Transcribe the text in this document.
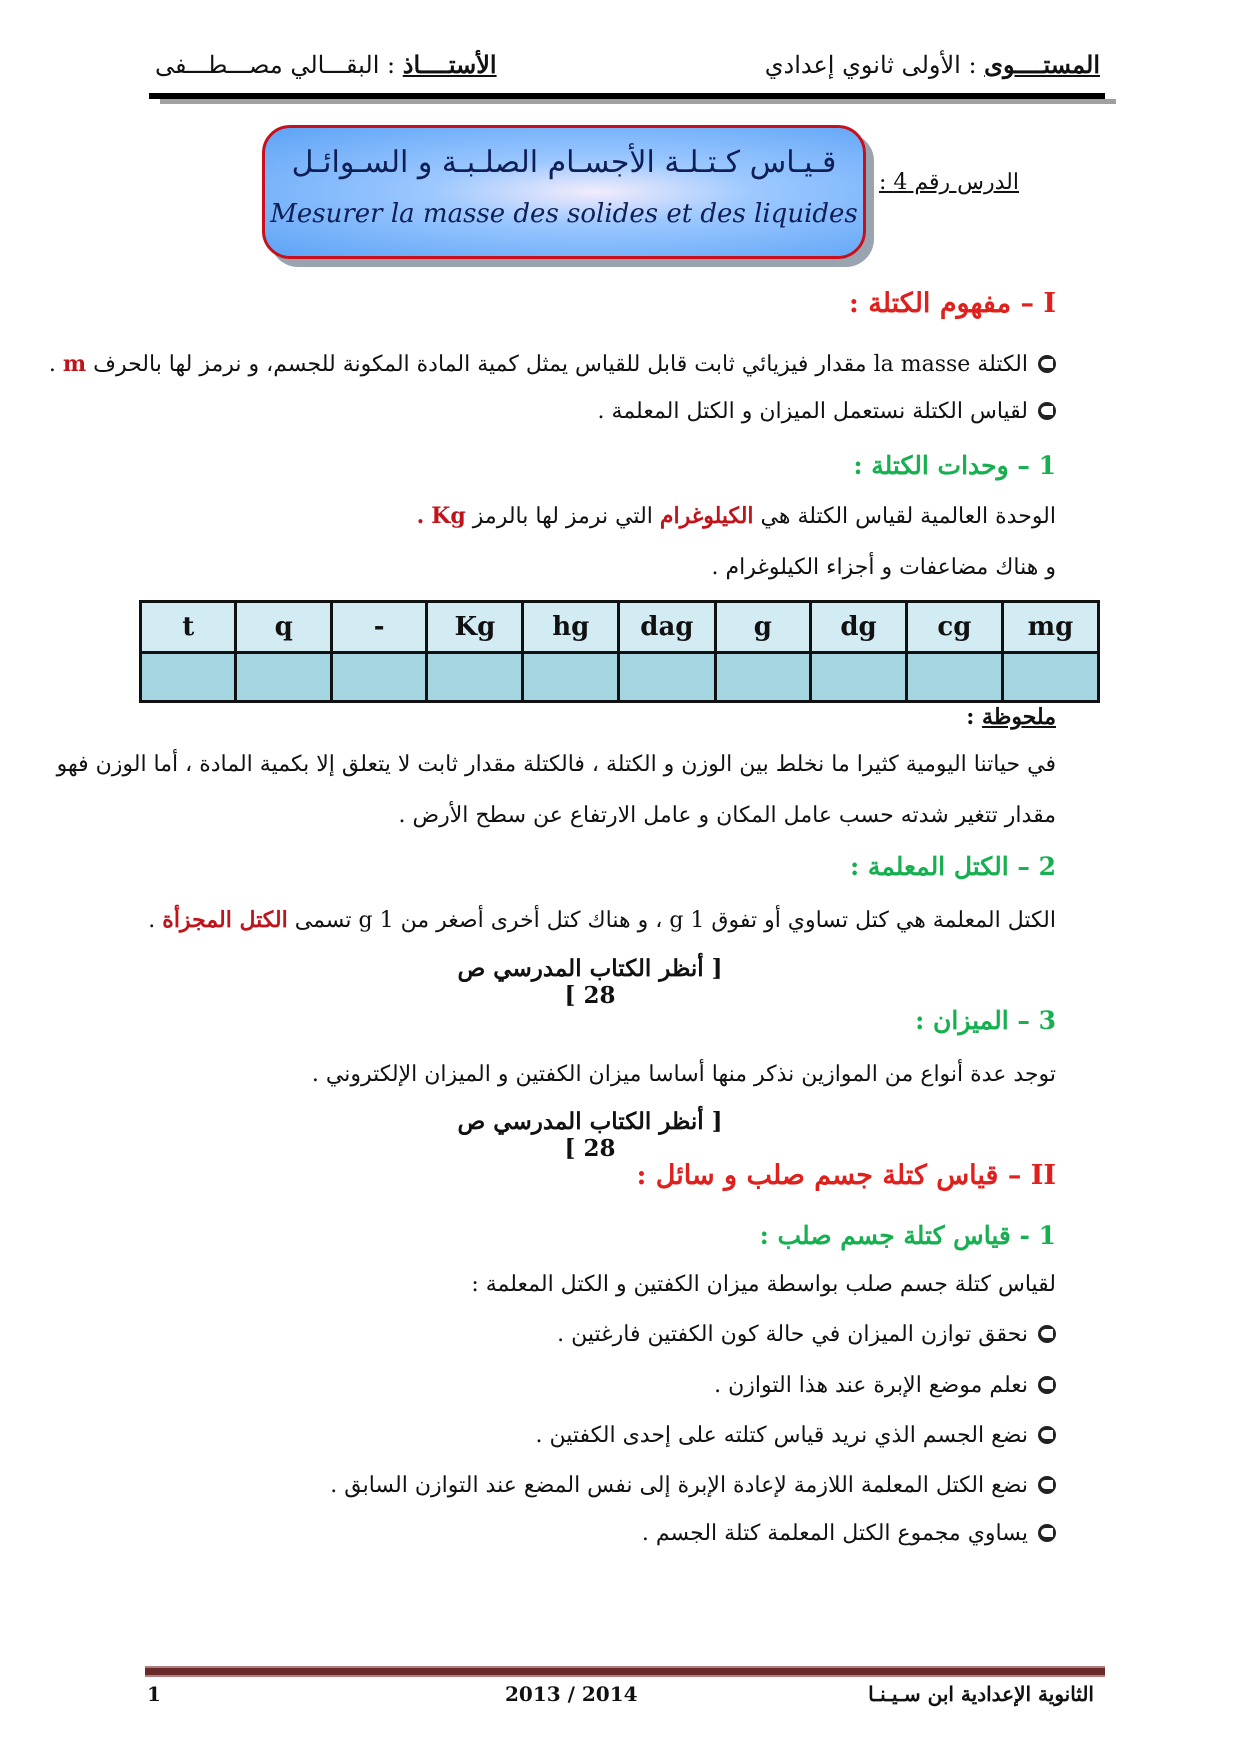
المستــــوى : الأولى ثانوي إعدادي
الأستــــاذ : البقـــالي مصـــطـــفى
قـيـاس كـتـلـة الأجسـام الصلـبـة و السـوائـل
Mesurer la masse des solides et des liquides
الدرس رقم 4 :
I – مفهوم الكتلة :
الكتلة la masse مقدار فيزيائي ثابت قابل للقياس يمثل كمية المادة المكونة للجسم، و نرمز لها بالحرف m .
لقياس الكتلة نستعمل الميزان و الكتل المعلمة .
1 – وحدات الكتلة :
الوحدة العالمية لقياس الكتلة هي الكيلوغرام التي نرمز لها بالرمز Kg .
و هناك مضاعفات و أجزاء الكيلوغرام .
t	q	-	Kg	hg	dag	g	dg	cg	mg

ملحوظة :
في حياتنا اليومية كثيرا ما نخلط بين الوزن و الكتلة ، فالكتلة مقدار ثابت لا يتعلق إلا بكمية المادة ، أما الوزن فهو
مقدار تتغير شدته حسب عامل المكان و عامل الارتفاع عن سطح الأرض .
2 – الكتل المعلمة :
الكتل المعلمة هي كتل تساوي أو تفوق 1 g ، و هناك كتل أخرى أصغر من 1 g تسمى الكتل المجزأة .
[ أنظر الكتاب المدرسي ص 28 ]
3 – الميزان :
توجد عدة أنواع من الموازين نذكر منها أساسا ميزان الكفتين و الميزان الإلكتروني .
[ أنظر الكتاب المدرسي ص 28 ]
II – قياس كتلة جسم صلب و سائل :
1 - قياس كتلة جسم صلب :
لقياس كتلة جسم صلب بواسطة ميزان الكفتين و الكتل المعلمة :
نحقق توازن الميزان في حالة كون الكفتين فارغتين .
نعلم موضع الإبرة عند هذا التوازن .
نضع الجسم الذي نريد قياس كتلته على إحدى الكفتين .
نضع الكتل المعلمة اللازمة لإعادة الإبرة إلى نفس المضع عند التوازن السابق .
يساوي مجموع الكتل المعلمة كتلة الجسم .
الثانوية الإعدادية ابن سـيـنـا
2013 / 2014
1
